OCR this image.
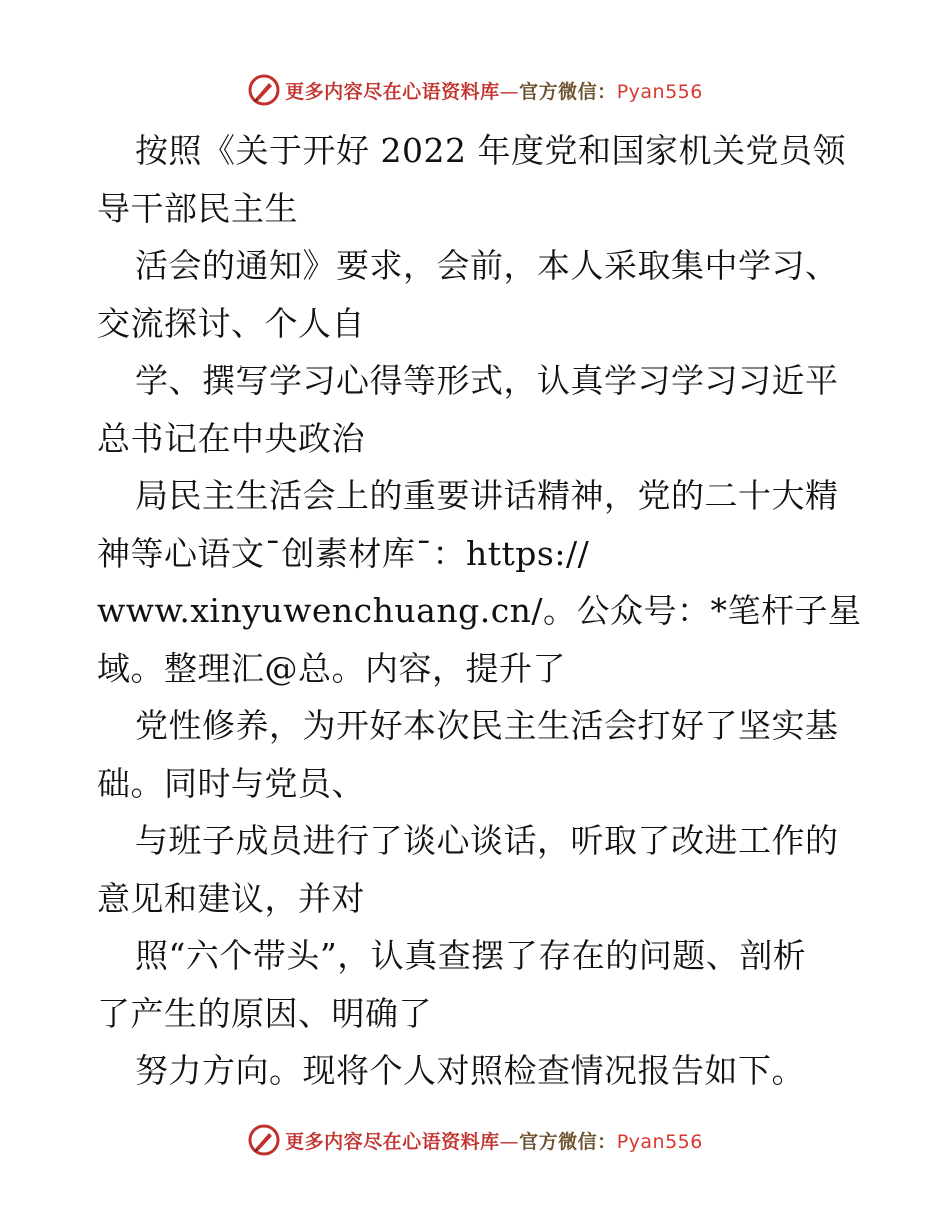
更多内容尽在心语资料库—官方微信：Pyan556
按照《关于开好 2022 年度党和国家机关党员领
导干部民主生
活会的通知》要求，会前，本人采取集中学习、
交流探讨、个人自
学、撰写学习心得等形式，认真学习学习习近平
总书记在中央政治
局民主生活会上的重要讲话精神，党的二十大精
神等心语文¯创素材库¯：https://
www.xinyuwenchuang.cn/。公众号：*笔杆子星
域。整理汇@总。内容，提升了
党性修养，为开好本次民主生活会打好了坚实基
础。同时与党员、
与班子成员进行了谈心谈话，听取了改进工作的
意见和建议，并对
照“六个带头”，认真查摆了存在的问题、剖析
了产生的原因、明确了
努力方向。现将个人对照检查情况报告如下。
更多内容尽在心语资料库—官方微信：Pyan556
